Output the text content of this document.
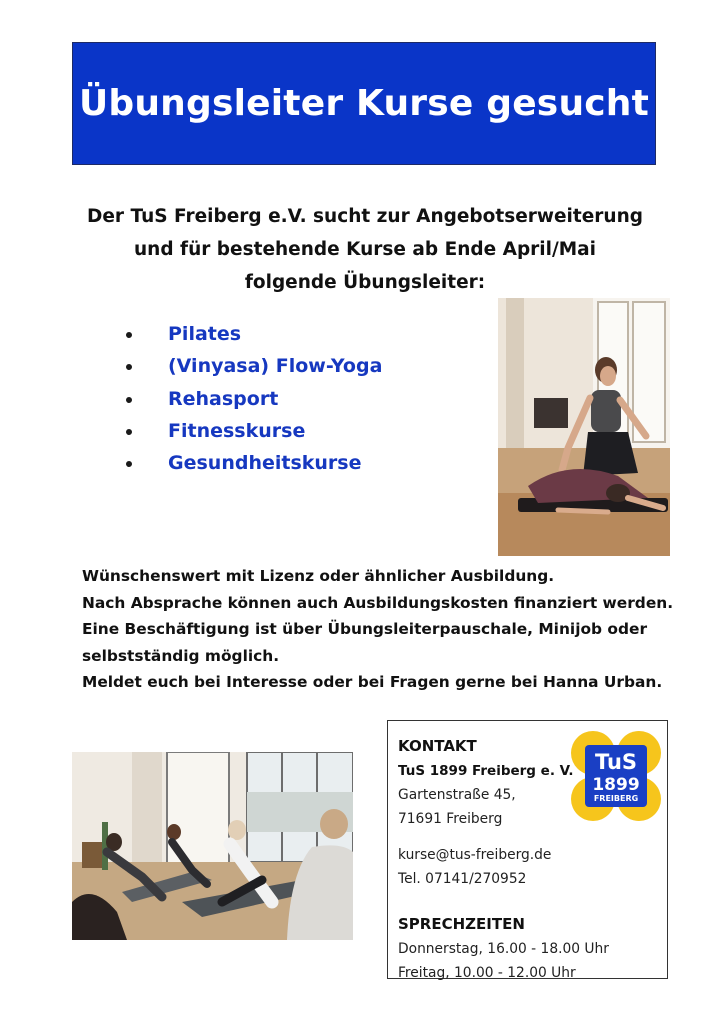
Übungsleiter Kurse gesucht
Der TuS Freiberg e.V. sucht zur Angebotserweiterung
und für bestehende Kurse ab Ende April/Mai
folgende Übungsleiter:
Pilates
(Vinyasa) Flow-Yoga
Rehasport
Fitnesskurse
Gesundheitskurse
Wünschenswert mit Lizenz oder ähnlicher Ausbildung.
Nach Absprache können auch Ausbildungskosten finanziert werden.
Eine Beschäftigung ist über Übungsleiterpauschale, Minijob oder
selbstständig möglich.
Meldet euch bei Interesse oder bei Fragen gerne bei Hanna Urban.
KONTAKT
TuS 1899 Freiberg e. V.
Gartenstraße 45,
71691 Freiberg
kurse@tus-freiberg.de
Tel. 07141/270952
SPRECHZEITEN
Donnerstag, 16.00 - 18.00 Uhr
Freitag, 10.00 - 12.00 Uhr
TuS
1899
FREIBERG
